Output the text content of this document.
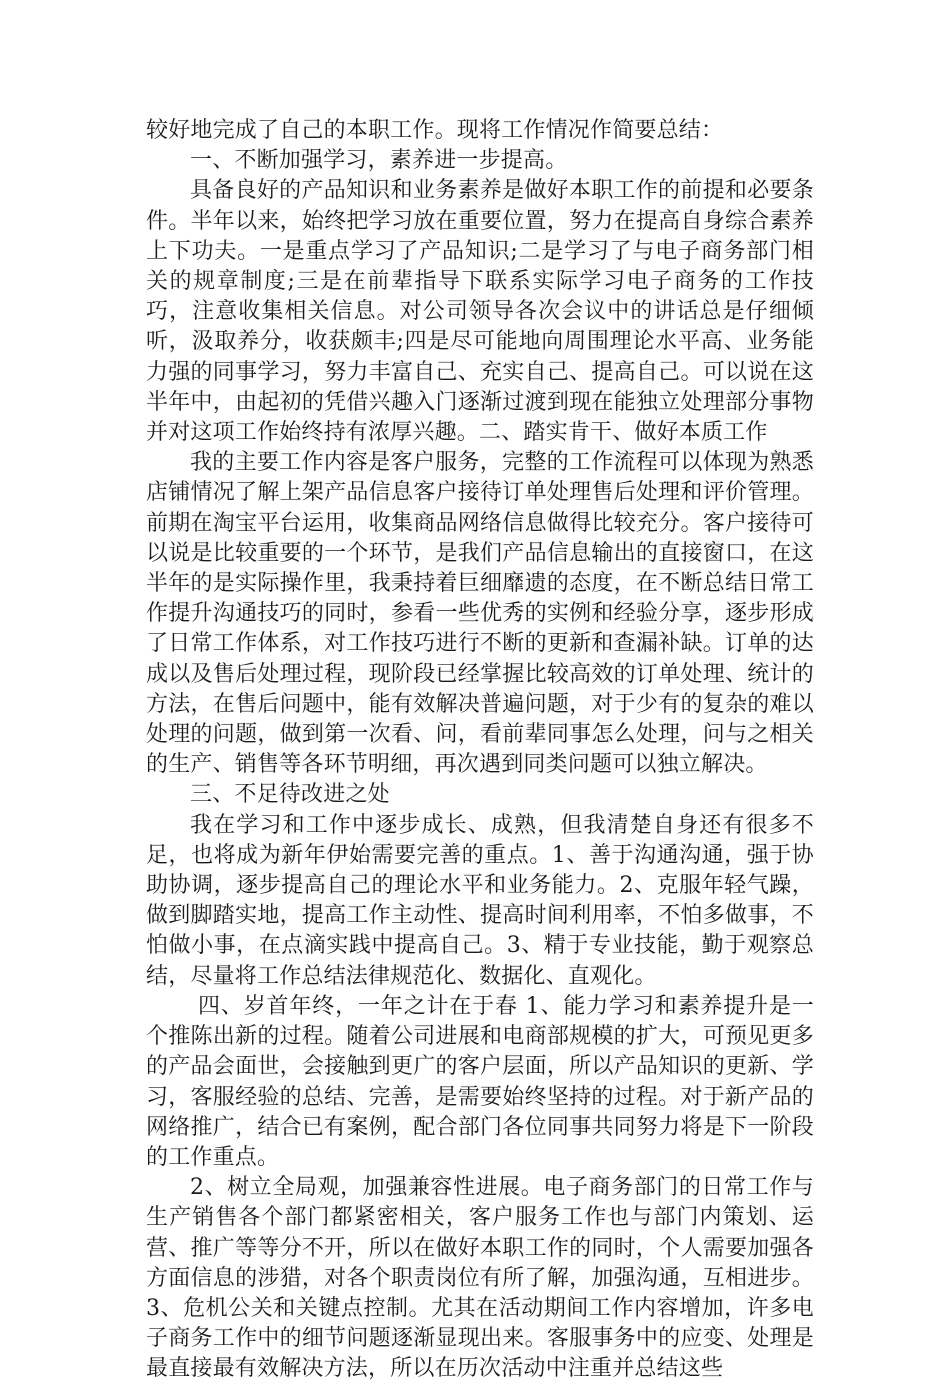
较好地完成了自己的本职工作。现将工作情况作简要总结：

一、不断加强学习，素养进一步提高。

具备良好的产品知识和业务素养是做好本职工作的前提和必要条件。半年以来，始终把学习放在重要位置，努力在提高自身综合素养上下功夫。一是重点学习了产品知识;二是学习了与电子商务部门相关的规章制度;三是在前辈指导下联系实际学习电子商务的工作技巧，注意收集相关信息。对公司领导各次会议中的讲话总是仔细倾听，汲取养分，收获颇丰;四是尽可能地向周围理论水平高、业务能力强的同事学习，努力丰富自己、充实自己、提高自己。可以说在这半年中，由起初的凭借兴趣入门逐渐过渡到现在能独立处理部分事物并对这项工作始终持有浓厚兴趣。二、踏实肯干、做好本质工作

我的主要工作内容是客户服务，完整的工作流程可以体现为熟悉店铺情况了解上架产品信息客户接待订单处理售后处理和评价管理。前期在淘宝平台运用，收集商品网络信息做得比较充分。客户接待可以说是比较重要的一个环节，是我们产品信息输出的直接窗口，在这半年的是实际操作里，我秉持着巨细靡遗的态度，在不断总结日常工作提升沟通技巧的同时，参看一些优秀的实例和经验分享，逐步形成了日常工作体系，对工作技巧进行不断的更新和查漏补缺。订单的达成以及售后处理过程，现阶段已经掌握比较高效的订单处理、统计的方法，在售后问题中，能有效解决普遍问题，对于少有的复杂的难以处理的问题，做到第一次看、问，看前辈同事怎么处理，问与之相关的生产、销售等各环节明细，再次遇到同类问题可以独立解决。

三、不足待改进之处

我在学习和工作中逐步成长、成熟，但我清楚自身还有很多不足，也将成为新年伊始需要完善的重点。1、善于沟通沟通，强于协助协调，逐步提高自己的理论水平和业务能力。2、克服年轻气躁，做到脚踏实地，提高工作主动性、提高时间利用率，不怕多做事，不怕做小事，在点滴实践中提高自己。3、精于专业技能，勤于观察总结，尽量将工作总结法律规范化、数据化、直观化。

四、岁首年终，一年之计在于春 1、能力学习和素养提升是一个推陈出新的过程。随着公司进展和电商部规模的扩大，可预见更多的产品会面世，会接触到更广的客户层面，所以产品知识的更新、学习，客服经验的总结、完善，是需要始终坚持的过程。对于新产品的网络推广，结合已有案例，配合部门各位同事共同努力将是下一阶段的工作重点。

2、树立全局观，加强兼容性进展。电子商务部门的日常工作与生产销售各个部门都紧密相关，客户服务工作也与部门内策划、运营、推广等等分不开，所以在做好本职工作的同时，个人需要加强各方面信息的涉猎，对各个职责岗位有所了解，加强沟通，互相进步。3、危机公关和关键点控制。尤其在活动期间工作内容增加，许多电子商务工作中的细节问题逐渐显现出来。客服事务中的应变、处理是最直接最有效解决方法，所以在历次活动中注重并总结这些
